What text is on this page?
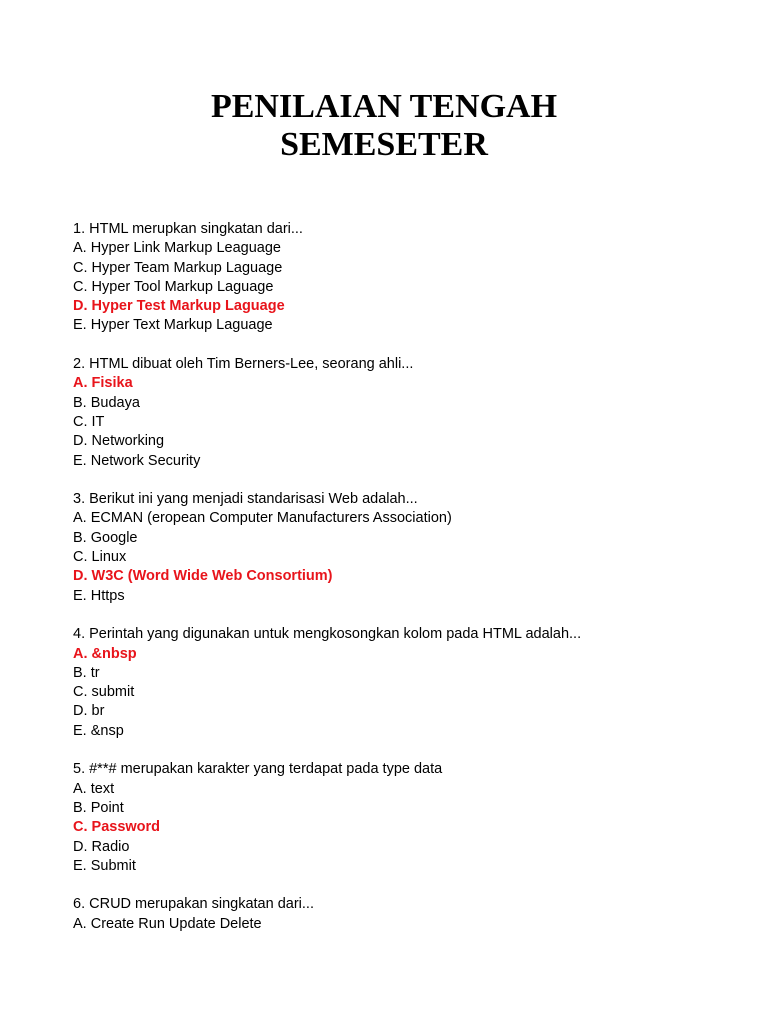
PENILAIAN TENGAH
SEMESETER
1. HTML merupkan singkatan dari...
A. Hyper Link Markup Leaguage
C. Hyper Team Markup Laguage
C. Hyper Tool Markup Laguage
D. Hyper Test Markup Laguage
E. Hyper Text Markup Laguage
2. HTML dibuat oleh Tim Berners-Lee, seorang ahli...
A. Fisika
B. Budaya
C. IT
D. Networking
E. Network Security
3. Berikut ini yang menjadi standarisasi Web adalah...
A. ECMAN (eropean Computer Manufacturers Association)
B. Google
C. Linux
D. W3C (Word Wide Web Consortium)
E. Https
4. Perintah yang digunakan untuk mengkosongkan kolom pada HTML adalah...
A. &nbsp
B. tr
C. submit
D. br
E. &nsp
5. #**# merupakan karakter yang terdapat pada type data
A. text
B. Point
C. Password
D. Radio
E. Submit
6. CRUD merupakan singkatan dari...
A. Create Run Update Delete
